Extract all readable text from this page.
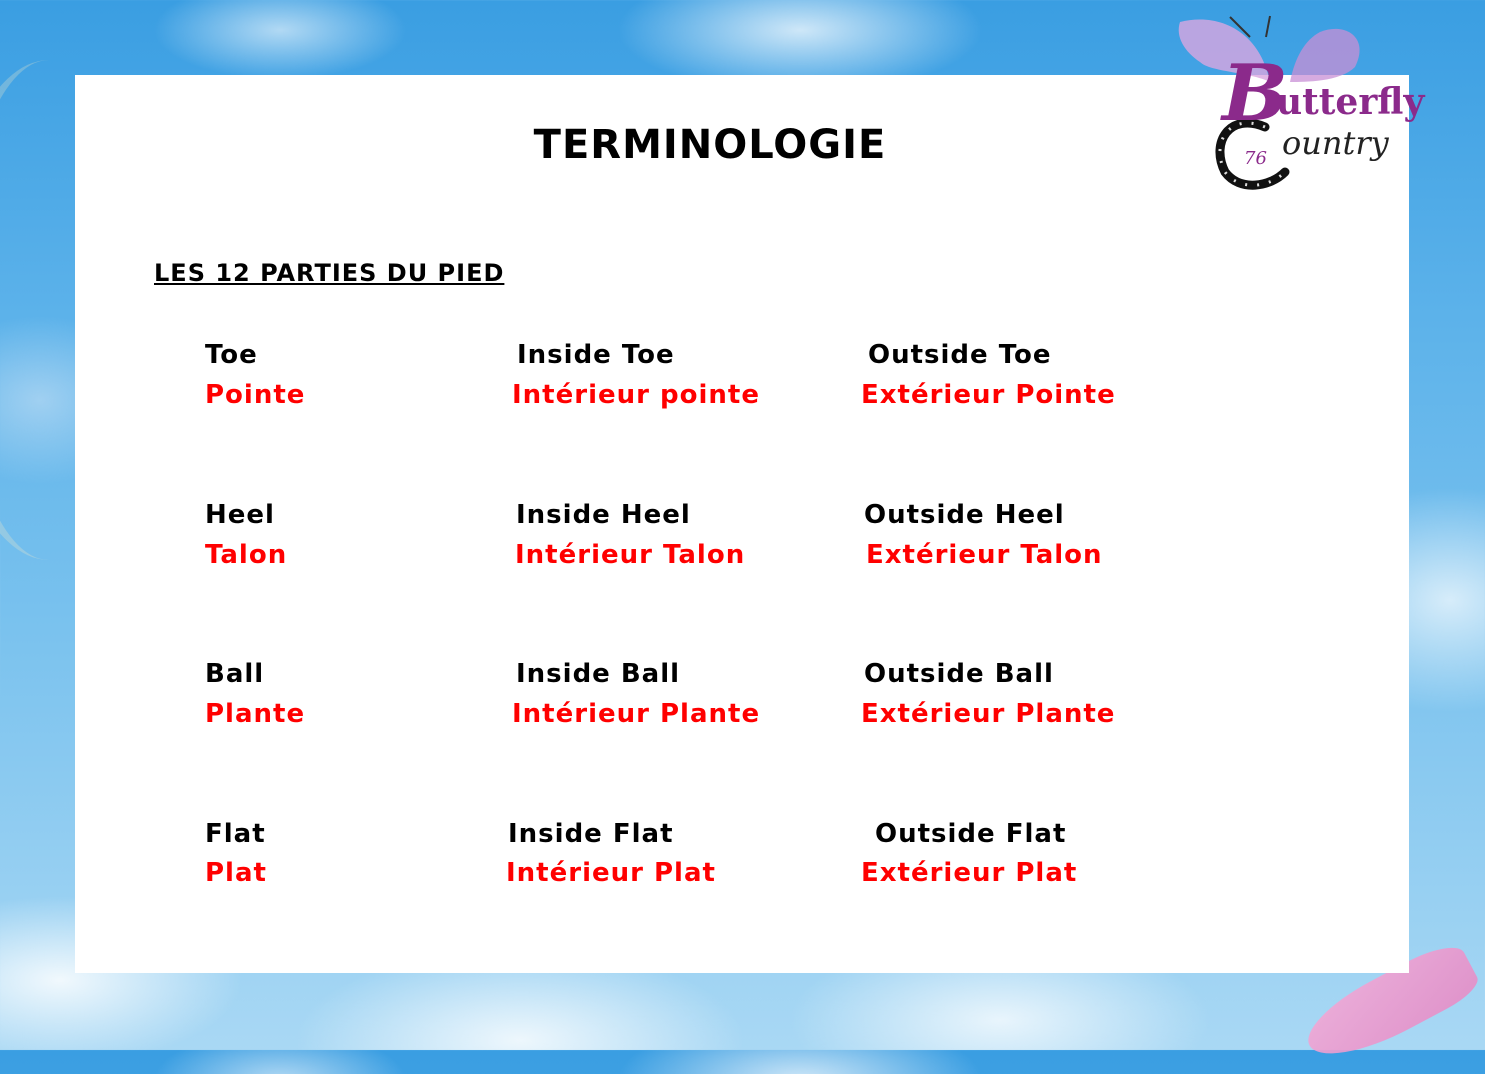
B
utterfly
ountry
76
TERMINOLOGIE
LES 12 PARTIES DU PIED
Toe
Pointe
Inside Toe
Intérieur pointe
Outside Toe
Extérieur Pointe
Heel
Talon
Inside Heel
Intérieur Talon
Outside Heel
Extérieur Talon
Ball
Plante
Inside Ball
Intérieur Plante
Outside Ball
Extérieur Plante
Flat
Plat
Inside Flat
Intérieur Plat
Outside Flat
Extérieur Plat
